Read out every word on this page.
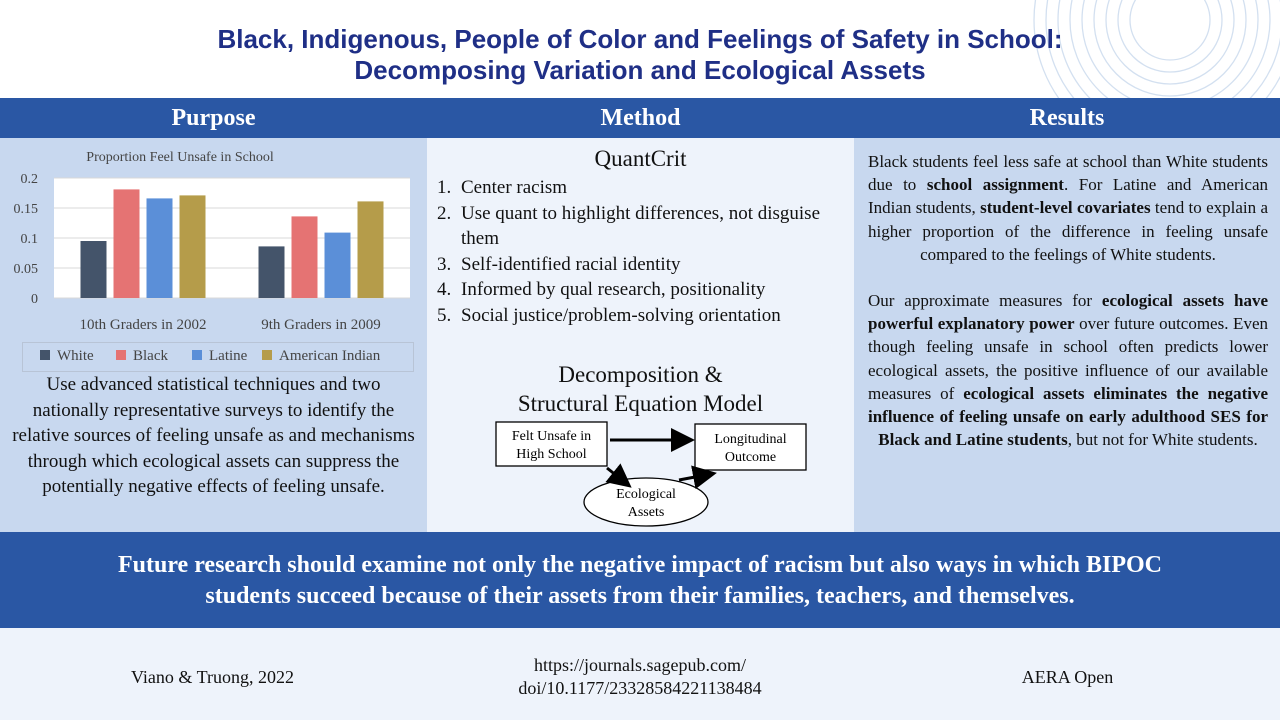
Black, Indigenous, People of Color and Feelings of Safety in School:
Decomposing Variation and Ecological Assets
Purpose	Method	Results
Proportion Feel Unsafe in School
0
0.05
0.1
0.15
0.2
10th Graders in 2002	9th Graders in 2009
White	Black	Latine	American Indian
Use advanced statistical techniques and two nationally representative surveys to identify the relative sources of feeling unsafe as and mechanisms through which ecological assets can suppress the potentially negative effects of feeling unsafe.
QuantCrit
1. Center racism
2. Use quant to highlight differences, not disguise them
3. Self-identified racial identity
4. Informed by qual research, positionality
5. Social justice/problem-solving orientation
Decomposition &
Structural Equation Model
Felt Unsafe in
High School
Longitudinal
Outcome
Ecological
Assets

Black students feel less safe at school than White students due to school assignment. For Latine and American Indian students, student-level covariates tend to explain a higher proportion of the difference in feeling unsafe compared to the feelings of White students.

Our approximate measures for ecological assets have powerful explanatory power over future outcomes. Even though feeling unsafe in school often predicts lower ecological assets, the positive influence of our available measures of ecological assets eliminates the negative influence of feeling unsafe on early adulthood SES for Black and Latine students, but not for White students.

Future research should examine not only the negative impact of racism but also ways in which BIPOC
students succeed because of their assets from their families, teachers, and themselves.
Viano & Truong, 2022
https://journals.sagepub.com/
doi/10.1177/23328584221138484
AERA Open
